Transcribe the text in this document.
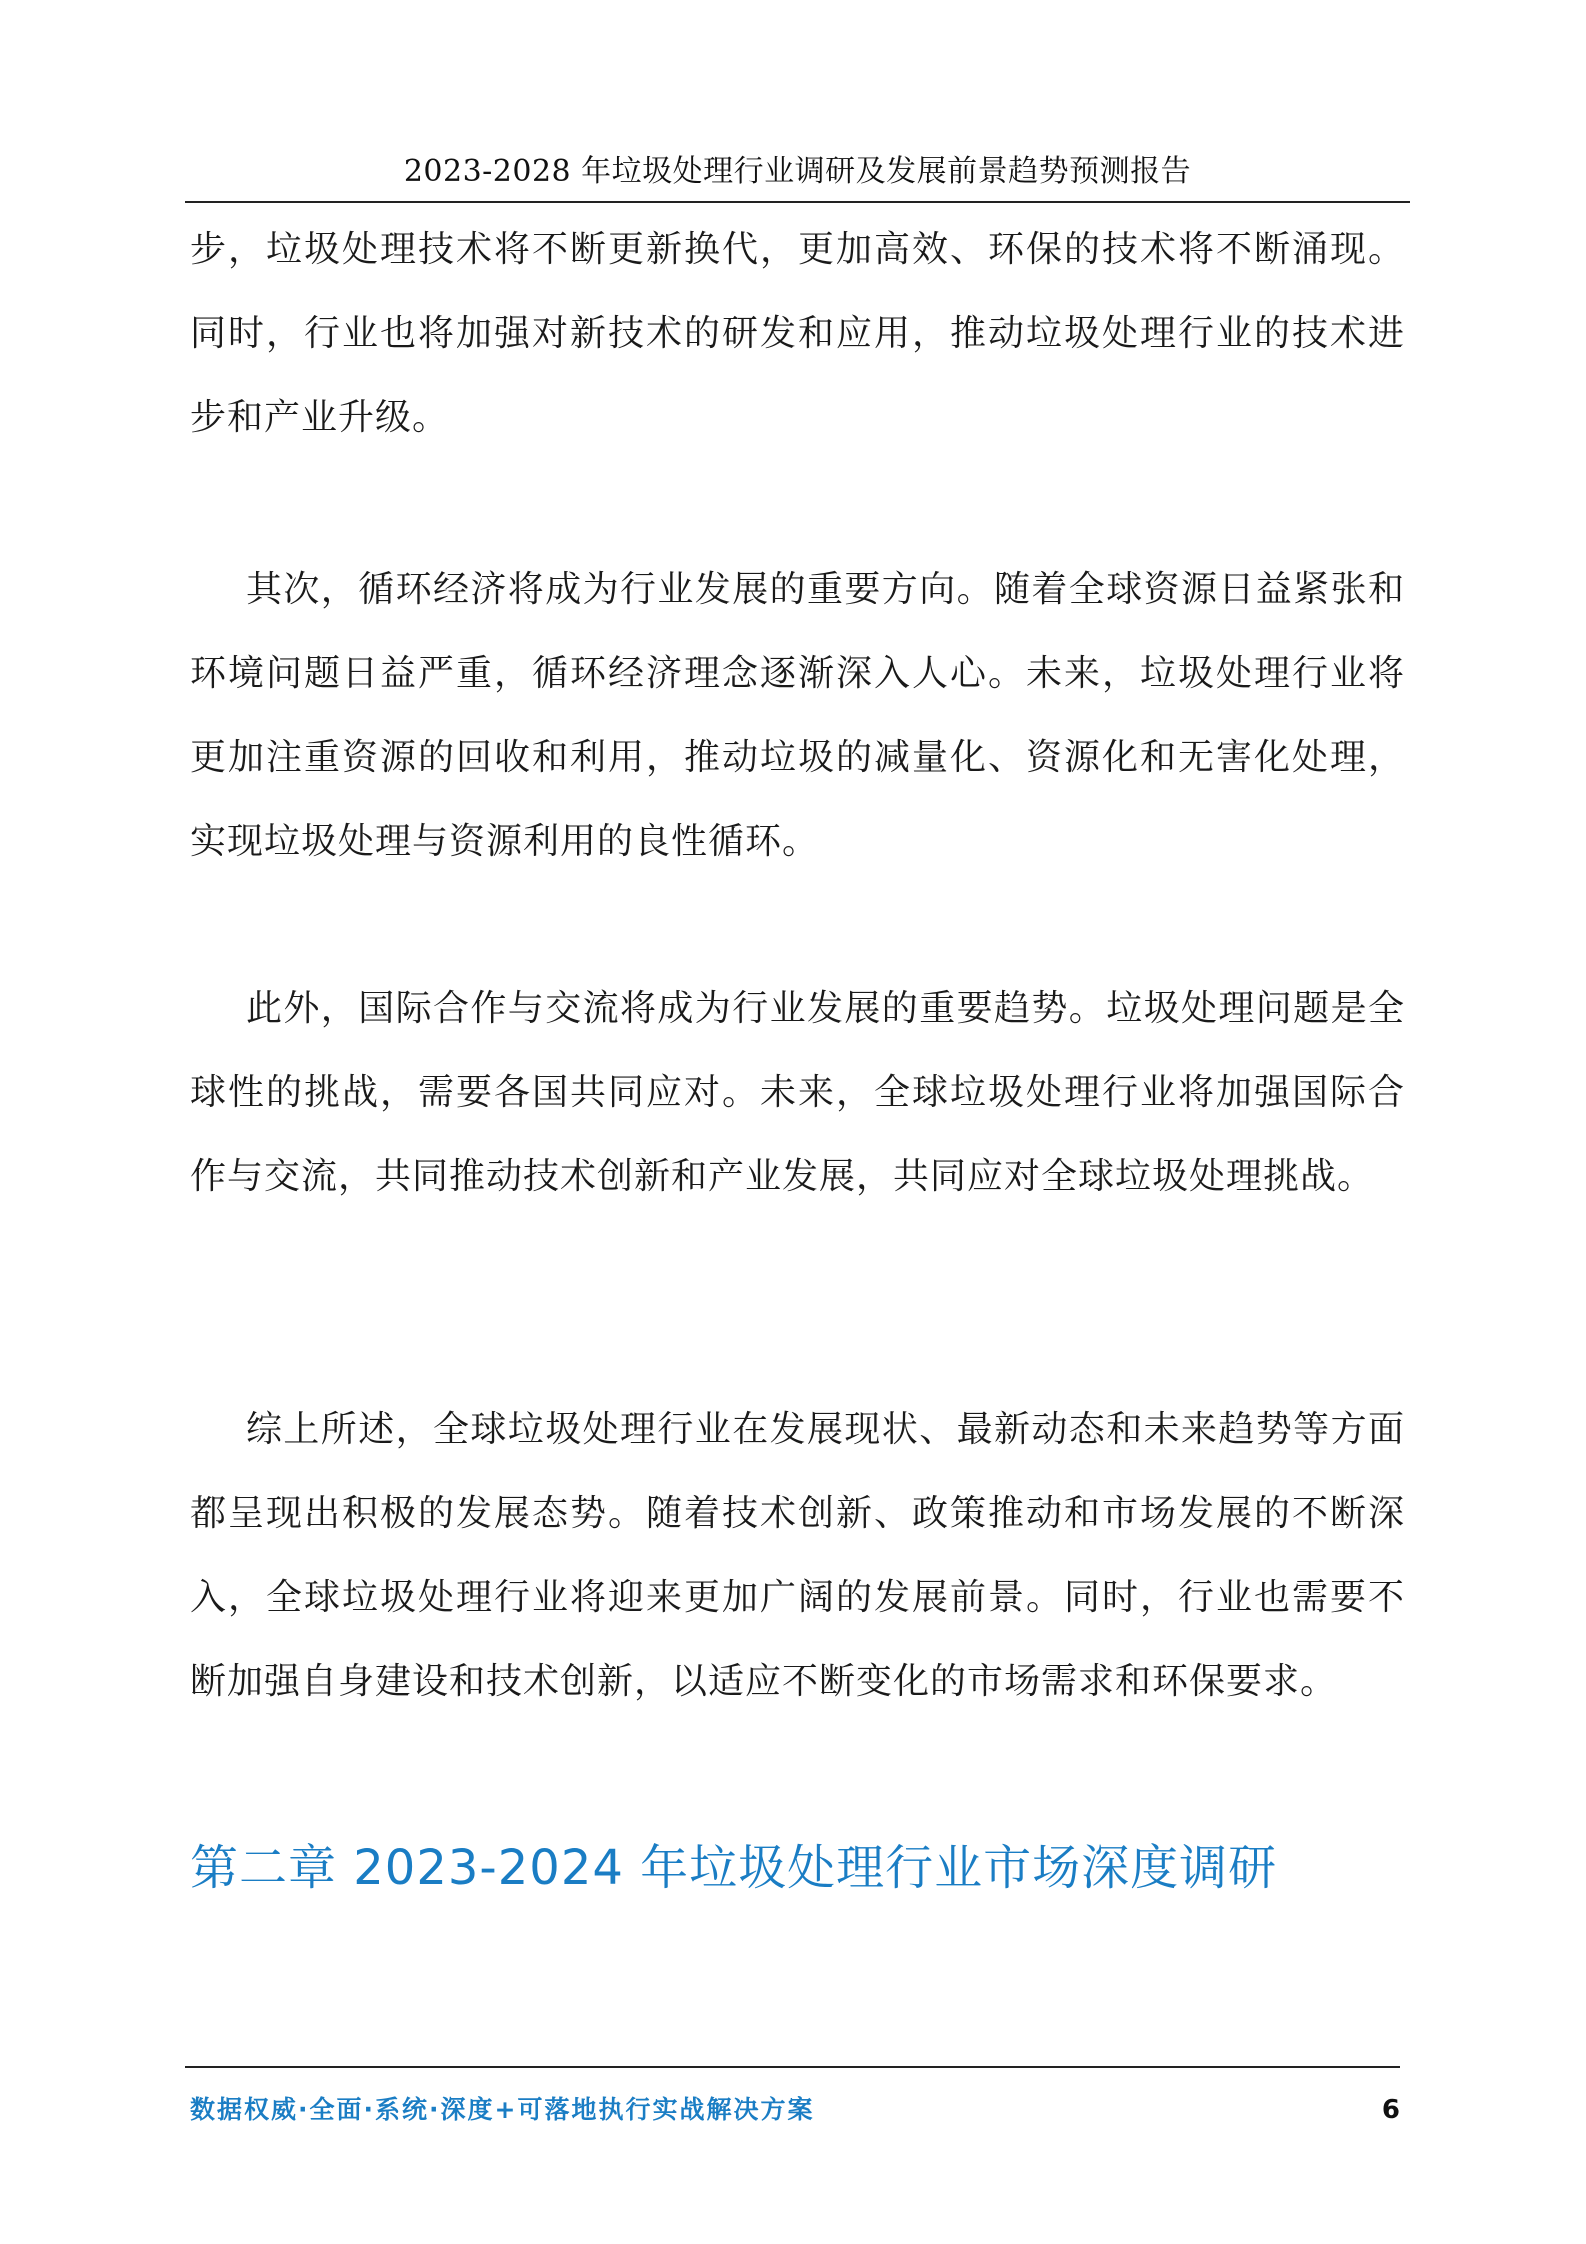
2023-2028 年垃圾处理行业调研及发展前景趋势预测报告

步，垃圾处理技术将不断更新换代，更加高效、环保的技术将不断涌现。同时，行业也将加强对新技术的研发和应用，推动垃圾处理行业的技术进步和产业升级。

其次，循环经济将成为行业发展的重要方向。随着全球资源日益紧张和环境问题日益严重，循环经济理念逐渐深入人心。未来，垃圾处理行业将更加注重资源的回收和利用，推动垃圾的减量化、资源化和无害化处理，实现垃圾处理与资源利用的良性循环。

此外，国际合作与交流将成为行业发展的重要趋势。垃圾处理问题是全球性的挑战，需要各国共同应对。未来，全球垃圾处理行业将加强国际合作与交流，共同推动技术创新和产业发展，共同应对全球垃圾处理挑战。

综上所述，全球垃圾处理行业在发展现状、最新动态和未来趋势等方面都呈现出积极的发展态势。随着技术创新、政策推动和市场发展的不断深入，全球垃圾处理行业将迎来更加广阔的发展前景。同时，行业也需要不断加强自身建设和技术创新，以适应不断变化的市场需求和环保要求。

第二章 2023-2024 年垃圾处理行业市场深度调研
数据权威·全面·系统·深度+可落地执行实战解决方案	6
